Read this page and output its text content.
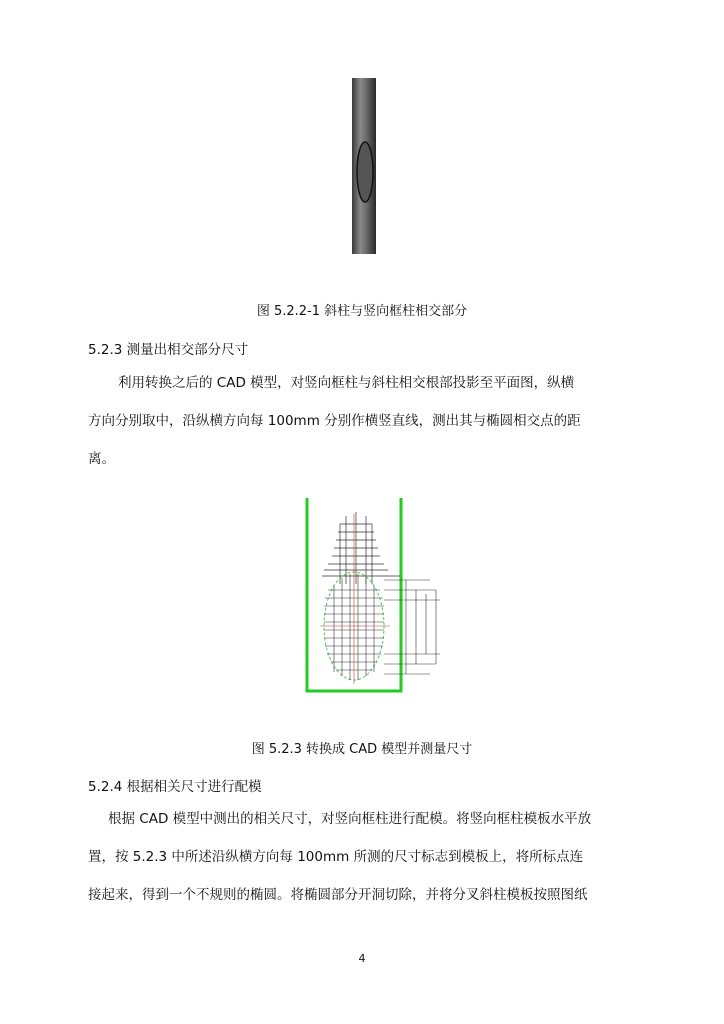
图 5.2.2-1 斜柱与竖向框柱相交部分
5.2.3 测量出相交部分尺寸
利用转换之后的 CAD 模型，对竖向框柱与斜柱相交根部投影至平面图，纵横
方向分别取中，沿纵横方向每 100mm 分别作横竖直线，测出其与椭圆相交点的距
离。
图 5.2.3 转换成 CAD 模型并测量尺寸
5.2.4 根据相关尺寸进行配模
根据 CAD 模型中测出的相关尺寸，对竖向框柱进行配模。将竖向框柱模板水平放
置，按 5.2.3 中所述沿纵横方向每 100mm 所测的尺寸标志到模板上，将所标点连
接起来，得到一个不规则的椭圆。将椭圆部分开洞切除，并将分叉斜柱模板按照图纸
4
